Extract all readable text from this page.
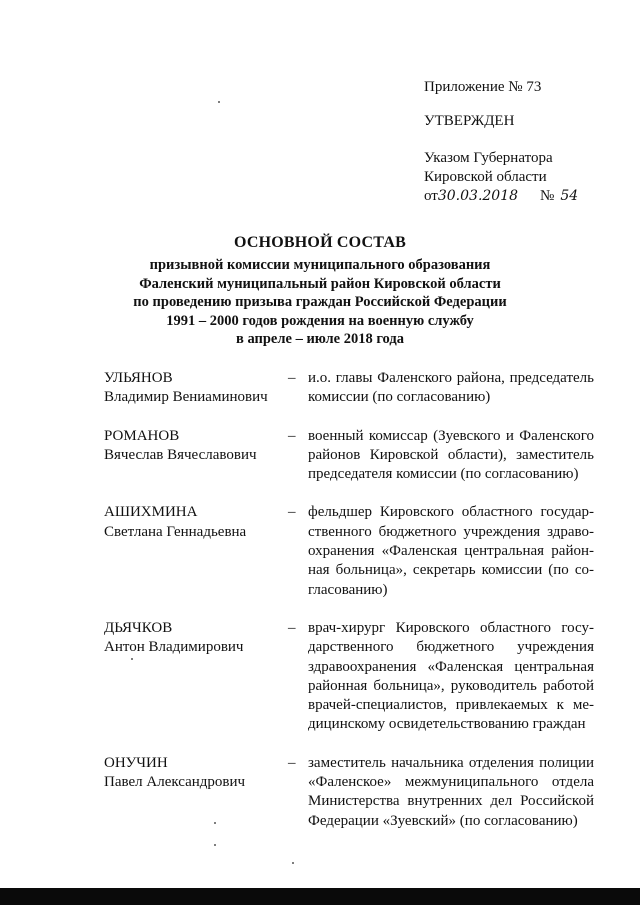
Приложение № 73
УТВЕРЖДЕН
Указом Губернатора
Кировской области
от 30.03.2018 № 54
ОСНОВНОЙ СОСТАВ
призывной комиссии муниципального образования
Фаленский муниципальный район Кировской области
по проведению призыва граждан Российской Федерации
1991 – 2000 годов рождения на военную службу
в апреле – июле 2018 года
УЛЬЯНОВ
Владимир Вениаминович
– и.о. главы Фаленского района, председатель комиссии (по согласованию)
РОМАНОВ
Вячеслав Вячеславович
– военный комиссар (Зуевского и Фаленского районов Кировской области), заместитель председателя комиссии (по согласованию)
АШИХМИНА
Светлана Геннадьевна
– фельдшер Кировского областного государственного бюджетного учреждения здравоохранения «Фаленская центральная районная больница», секретарь комиссии (по согласованию)
ДЬЯЧКОВ
Антон Владимирович
– врач-хирург Кировского областного государственного бюджетного учреждения здравоохранения «Фаленская центральная районная больница», руководитель работой врачей-специалистов, привлекаемых к медицинскому освидетельствованию граждан
ОНУЧИН
Павел Александрович
– заместитель начальника отделения полиции «Фаленское» межмуниципального отдела Министерства внутренних дел Российской Федерации «Зуевский» (по согласованию)
